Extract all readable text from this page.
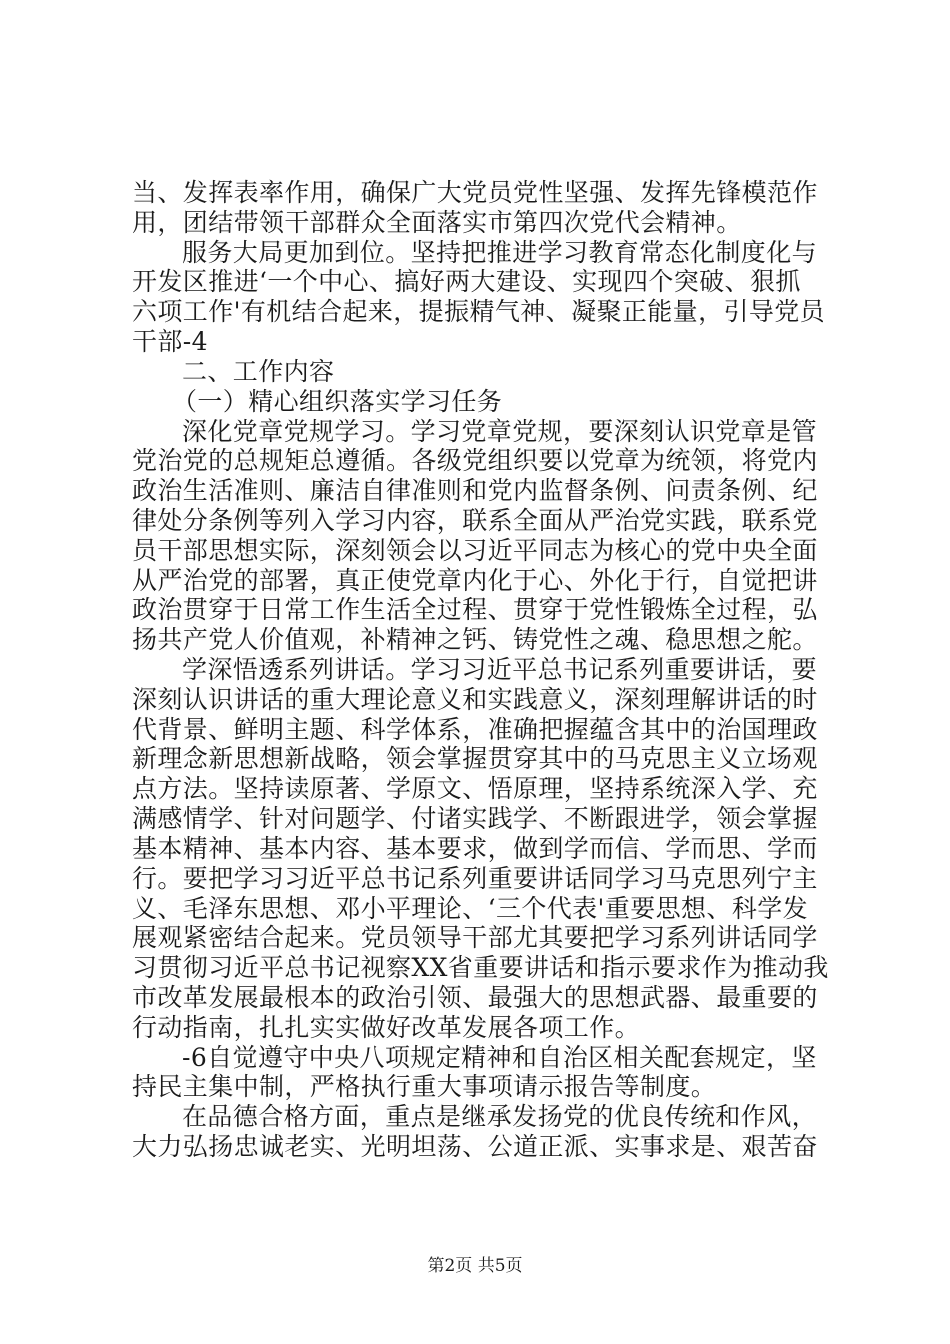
当、发挥表率作用，确保广大党员党性坚强、发挥先锋模范作
用，团结带领干部群众全面落实市第四次党代会精神。
服务大局更加到位。坚持把推进学习教育常态化制度化与
开发区推进‘一个中心、搞好两大建设、实现四个突破、狠抓
六项工作'有机结合起来，提振精气神、凝聚正能量，引导党员
干部-4
二、工作内容
（一）精心组织落实学习任务
深化党章党规学习。学习党章党规，要深刻认识党章是管
党治党的总规矩总遵循。各级党组织要以党章为统领，将党内
政治生活准则、廉洁自律准则和党内监督条例、问责条例、纪
律处分条例等列入学习内容，联系全面从严治党实践，联系党
员干部思想实际，深刻领会以习近平同志为核心的党中央全面
从严治党的部署，真正使党章内化于心、外化于行，自觉把讲
政治贯穿于日常工作生活全过程、贯穿于党性锻炼全过程，弘
扬共产党人价值观，补精神之钙、铸党性之魂、稳思想之舵。
学深悟透系列讲话。学习习近平总书记系列重要讲话，要
深刻认识讲话的重大理论意义和实践意义，深刻理解讲话的时
代背景、鲜明主题、科学体系，准确把握蕴含其中的治国理政
新理念新思想新战略，领会掌握贯穿其中的马克思主义立场观
点方法。坚持读原著、学原文、悟原理，坚持系统深入学、充
满感情学、针对问题学、付诸实践学、不断跟进学，领会掌握
基本精神、基本内容、基本要求，做到学而信、学而思、学而
行。要把学习习近平总书记系列重要讲话同学习马克思列宁主
义、毛泽东思想、邓小平理论、‘三个代表'重要思想、科学发
展观紧密结合起来。党员领导干部尤其要把学习系列讲话同学
习贯彻习近平总书记视察XX省重要讲话和指示要求作为推动我
市改革发展最根本的政治引领、最强大的思想武器、最重要的
行动指南，扎扎实实做好改革发展各项工作。
-6自觉遵守中央八项规定精神和自治区相关配套规定，坚
持民主集中制，严格执行重大事项请示报告等制度。
在品德合格方面，重点是继承发扬党的优良传统和作风，
大力弘扬忠诚老实、光明坦荡、公道正派、实事求是、艰苦奋
第2页 共5页
